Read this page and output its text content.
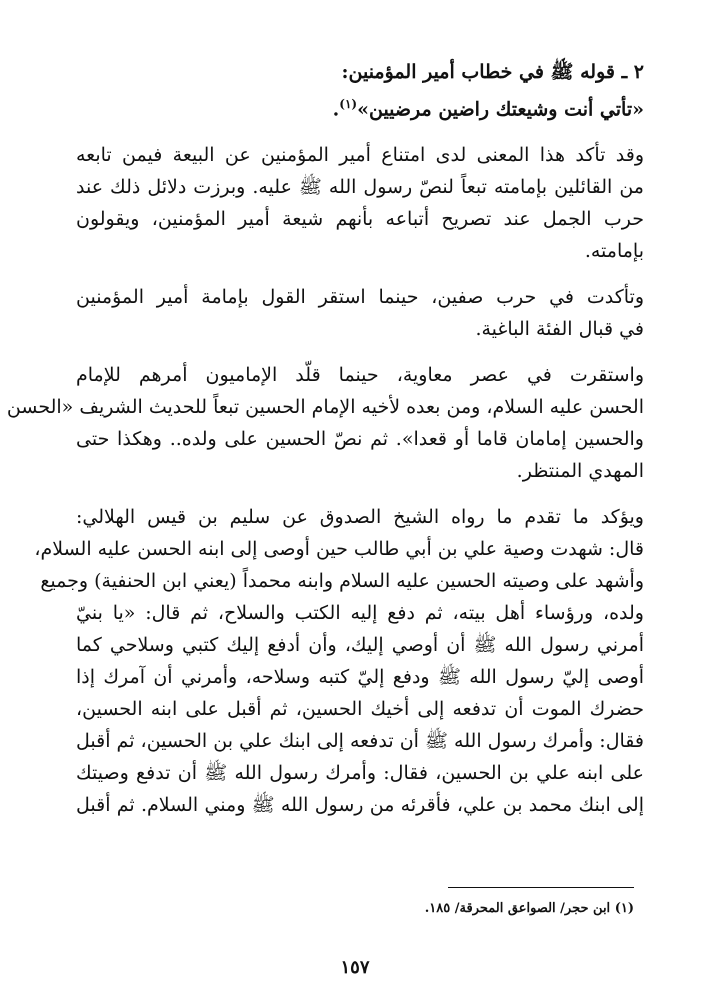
٢ ـ قوله ﷺ في خطاب أمير المؤمنين:
«تأتي أنت وشيعتك راضين مرضيين»$^{(١)}$.
وقد تأكد هذا المعنى لدى امتناع أمير المؤمنين عن البيعة فيمن تابعه
من القائلين بإمامته تبعاً لنصّ رسول الله ﷺ عليه. وبرزت دلائل ذلك عند
حرب الجمل عند تصريح أتباعه بأنهم شيعة أمير المؤمنين، ويقولون
بإمامته.
وتأكدت في حرب صفين، حينما استقر القول بإمامة أمير المؤمنين
في قبال الفئة الباغية.
واستقرت في عصر معاوية، حينما قلّد الإماميون أمرهم للإمام
الحسن عليه السلام، ومن بعده لأخيه الإمام الحسين تبعاً للحديث الشريف «الحسن
والحسين إمامان قاما أو قعدا». ثم نصّ الحسين على ولده.. وهكذا حتى
المهدي المنتظر.
ويؤكد ما تقدم ما رواه الشيخ الصدوق عن سليم بن قيس الهلالي:
قال: شهدت وصية علي بن أبي طالب حين أوصى إلى ابنه الحسن عليه السلام،
وأشهد على وصيته الحسين عليه السلام وابنه محمداً (يعني ابن الحنفية) وجميع
ولده، ورؤساء أهل بيته، ثم دفع إليه الكتب والسلاح، ثم قال: «يا بنيّ
أمرني رسول الله ﷺ أن أوصي إليك، وأن أدفع إليك كتبي وسلاحي كما
أوصى إليّ رسول الله ﷺ ودفع إليّ كتبه وسلاحه، وأمرني أن آمرك إذا
حضرك الموت أن تدفعه إلى أخيك الحسين، ثم أقبل على ابنه الحسين،
فقال: وأمرك رسول الله ﷺ أن تدفعه إلى ابنك علي بن الحسين، ثم أقبل
على ابنه علي بن الحسين، فقال: وأمرك رسول الله ﷺ أن تدفع وصيتك
إلى ابنك محمد بن علي، فأقرئه من رسول الله ﷺ ومني السلام. ثم أقبل
(١) ابن حجر/ الصواعق المحرقة/ ١٨٥.
١٥٧
